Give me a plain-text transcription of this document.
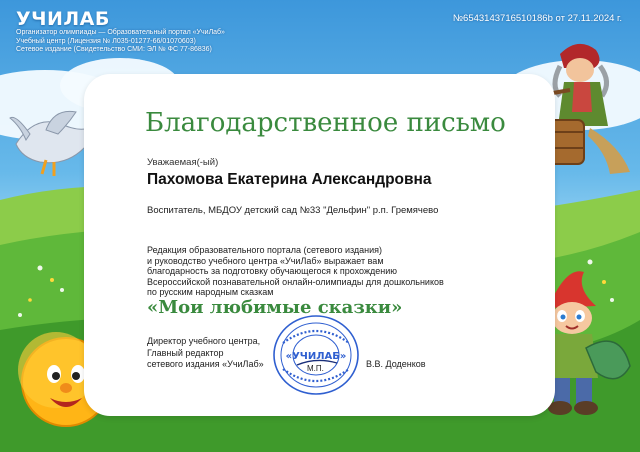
УЧИЛАБ
Организатор олимпиады — Образовательный портал «УчиЛаб»
Учебный центр (Лицензия № Л035-01277-66/01070603)
Сетевое издание (Свидетельство СМИ: ЭЛ № ФС 77-86836)
№6543143716510186b от 27.11.2024 г.
Благодарственное письмо
Уважаемая(-ый)
Пахомова Екатерина Александровна
Воспитатель, МБДОУ детский сад №33 "Дельфин" р.п. Гремячево
Редакция образовательного портала (сетевого издания)
и руководство учебного центра «УчиЛаб» выражает вам
благодарность за подготовку обучающегося к прохождению
Всероссийской познавательной онлайн-олимпиады для дошкольников
по русским народным сказкам
«Мои любимые сказки»
Директор учебного центра,
Главный редактор
сетевого издания «УчиЛаб»
«УЧИЛАБ»
М.П.	В.В. Доденков
